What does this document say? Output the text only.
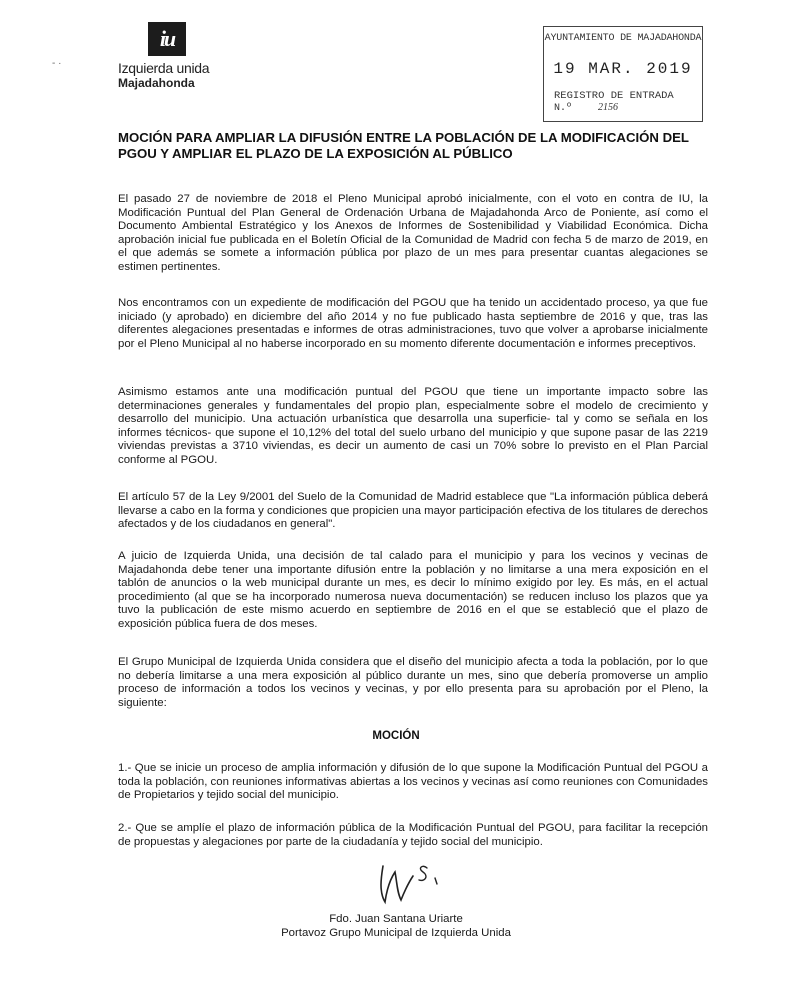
- ·
iu
Izquierda unida
Majadahonda
AYUNTAMIENTO DE MAJADAHONDA
19 MAR. 2019
REGISTRO DE ENTRADA
N.º	2156
MOCIÓN PARA AMPLIAR LA DIFUSIÓN ENTRE LA POBLACIÓN DE LA MODIFICACIÓN DEL PGOU Y AMPLIAR EL PLAZO DE LA EXPOSICIÓN AL PÚBLICO
El pasado 27 de noviembre de 2018 el Pleno Municipal aprobó inicialmente, con el voto en contra de IU, la Modificación Puntual del Plan General de Ordenación Urbana de Majadahonda Arco de Poniente, así como el Documento Ambiental Estratégico y los Anexos de Informes de Sostenibilidad y Viabilidad Económica. Dicha aprobación inicial fue publicada en el Boletín Oficial de la Comunidad de Madrid con fecha 5 de marzo de 2019, en el que además se somete a información pública por plazo de un mes para presentar cuantas alegaciones se estimen pertinentes.
Nos encontramos con un expediente de modificación del PGOU que ha tenido un accidentado proceso, ya que fue iniciado (y aprobado) en diciembre del año 2014 y no fue publicado hasta septiembre de 2016 y que, tras las diferentes alegaciones presentadas e informes de otras administraciones, tuvo que volver a aprobarse inicialmente por el Pleno Municipal al no haberse incorporado en su momento diferente documentación e informes preceptivos.
Asimismo estamos ante una modificación puntual del PGOU que tiene un importante impacto sobre las determinaciones generales y fundamentales del propio plan, especialmente sobre el modelo de crecimiento y desarrollo del municipio. Una actuación urbanística que desarrolla una superficie- tal y como se señala en los informes técnicos- que supone el 10,12% del total del suelo urbano del municipio y que supone pasar de las 2219 viviendas previstas a 3710 viviendas, es decir un aumento de casi un 70% sobre lo previsto en el Plan Parcial conforme al PGOU.
El artículo 57 de la Ley 9/2001 del Suelo de la Comunidad de Madrid establece que "La información pública deberá llevarse a cabo en la forma y condiciones que propicien una mayor participación efectiva de los titulares de derechos afectados y de los ciudadanos en general".
A juicio de Izquierda Unida, una decisión de tal calado para el municipio y para los vecinos y vecinas de Majadahonda debe tener una importante difusión entre la población y no limitarse a una mera exposición en el tablón de anuncios o la web municipal durante un mes, es decir lo mínimo exigido por ley. Es más, en el actual procedimiento (al que se ha incorporado numerosa nueva documentación) se reducen incluso los plazos que ya tuvo la publicación de este mismo acuerdo en septiembre de 2016 en el que se estableció que el plazo de exposición pública fuera de dos meses.
El Grupo Municipal de Izquierda Unida considera que el diseño del municipio afecta a toda la población, por lo que no debería limitarse a una mera exposición al público durante un mes, sino que debería promoverse un amplio proceso de información a todos los vecinos y vecinas, y por ello presenta para su aprobación por el Pleno, la siguiente:
MOCIÓN
1.- Que se inicie un proceso de amplia información y difusión de lo que supone la Modificación Puntual del PGOU a toda la población, con reuniones informativas abiertas a los vecinos y vecinas así como reuniones con Comunidades de Propietarios y tejido social del municipio.
2.- Que se amplíe el plazo de información pública de la Modificación Puntual del PGOU, para facilitar la recepción de propuestas y alegaciones por parte de la ciudadanía y tejido social del municipio.
Fdo. Juan Santana Uriarte
Portavoz Grupo Municipal de Izquierda Unida
